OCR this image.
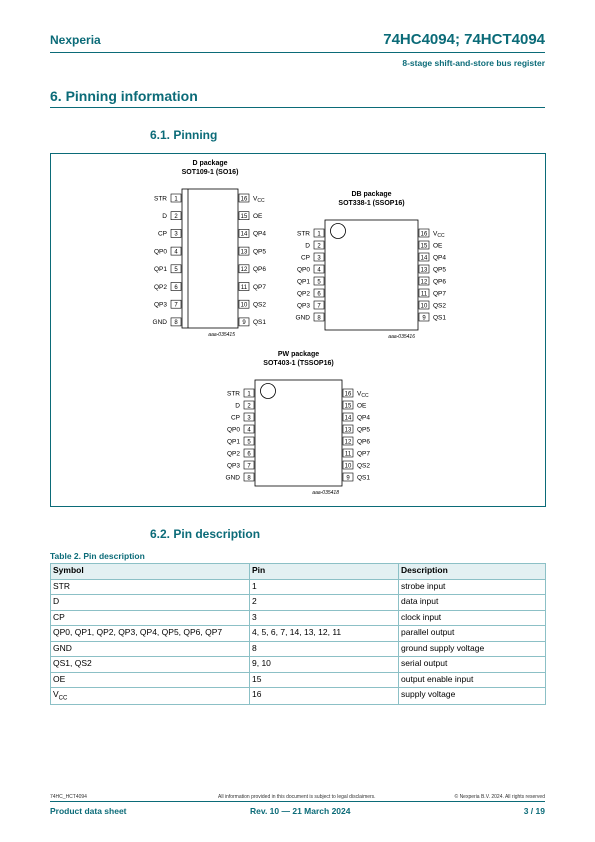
Nexperia	74HC4094; 74HCT4094
8-stage shift-and-store bus register
6. Pinning information
6.1. Pinning
D package
SOT109-1 (SO16)
1
STR	16 $V_{CC}$
2
D	15 OE
3
CP	14 QP4
4
QP0	13 QP5
5
QP1	12 QP6
6
QP2	11 QP7
7
QP3	10 QS2
8
GND	9 QS1
aaa-035415
DB package
SOT338-1 (SSOP16)
1
STR	16 $V_{CC}$
2
D	15 OE
3
CP	14 QP4
4
QP0	13 QP5
5
QP1	12 QP6
6
QP2	11 QP7
7
QP3	10 QS2
8
GND	9 QS1
aaa-035416
PW package
SOT403-1 (TSSOP16)
1
STR	16 $V_{CC}$
2
D	15 OE
3
CP	14 QP4
4
QP0	13 QP5
5
QP1	12 QP6
6
QP2	11 QP7
7
QP3	10 QS2
8
GND	9 QS1
aaa-035418
6.2. Pin description
Table 2. Pin description
Symbol	Pin	Description
STR	1	strobe input
D	2	data input
CP	3	clock input
QP0, QP1, QP2, QP3, QP4, QP5, QP6, QP7	4, 5, 6, 7, 14, 13, 12, 11	parallel output
GND	8	ground supply voltage
QS1, QS2	9, 10	serial output
OE	15	output enable input
$V_{CC}$	16	supply voltage
74HC_HCT4094	All information provided in this document is subject to legal disclaimers.	© Nexperia B.V. 2024. All rights reserved
Product data sheet	Rev. 10 — 21 March 2024	3 / 19
